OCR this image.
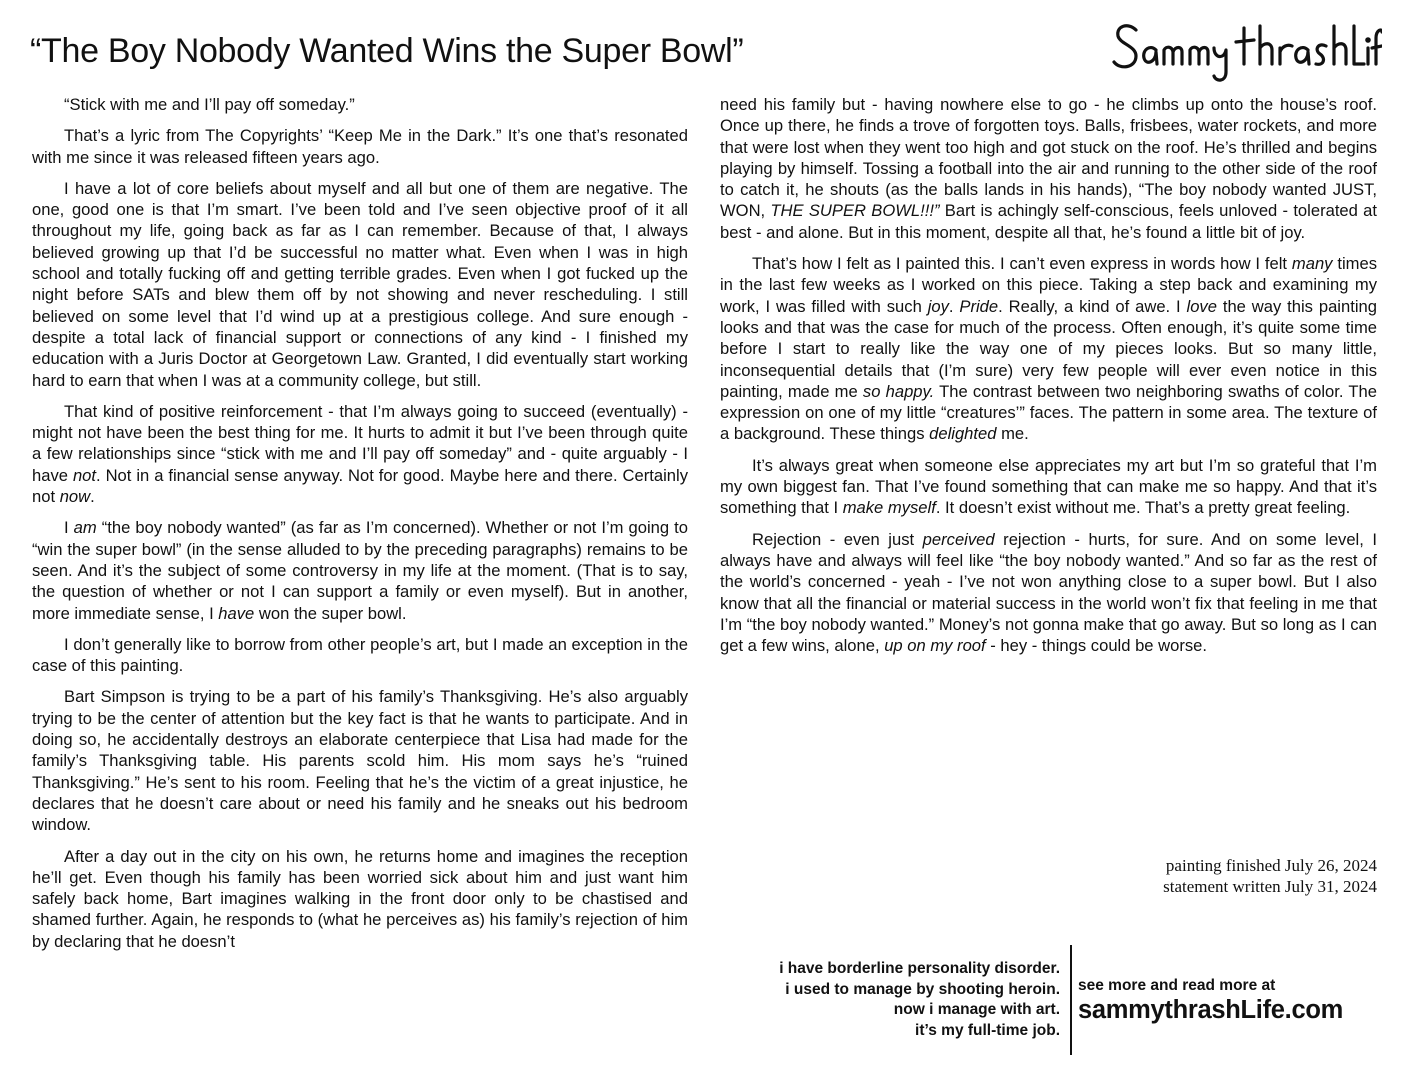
“The Boy Nobody Wanted Wins the Super Bowl”

“Stick with me and I’ll pay off someday.”

That’s a lyric from The Copyrights’ “Keep Me in the Dark.” It’s one that’s resonated with me since it was released fifteen years ago.

I have a lot of core beliefs about myself and all but one of them are negative. The one, good one is that I’m smart. I’ve been told and I’ve seen objective proof of it all throughout my life, going back as far as I can remember. Because of that, I always believed growing up that I’d be successful no matter what. Even when I was in high school and totally fucking off and getting terrible grades. Even when I got fucked up the night before SATs and blew them off by not showing and never rescheduling. I still believed on some level that I’d wind up at a prestigious college. And sure enough - despite a total lack of financial support or connections of any kind - I finished my education with a Juris Doctor at Georgetown Law. Granted, I did eventually start working hard to earn that when I was at a community college, but still.

That kind of positive reinforcement - that I’m always going to succeed (eventually) - might not have been the best thing for me. It hurts to admit it but I’ve been through quite a few relationships since “stick with me and I’ll pay off someday” and - quite arguably - I have not. Not in a financial sense anyway. Not for good. Maybe here and there. Certainly not now.

I am “the boy nobody wanted” (as far as I’m concerned). Whether or not I’m going to “win the super bowl” (in the sense alluded to by the preceding paragraphs) remains to be seen. And it’s the subject of some controversy in my life at the moment. (That is to say, the question of whether or not I can support a family or even myself). But in another, more immediate sense, I have won the super bowl.

I don’t generally like to borrow from other people’s art, but I made an exception in the case of this painting.

Bart Simpson is trying to be a part of his family’s Thanksgiving. He’s also arguably trying to be the center of attention but the key fact is that he wants to participate. And in doing so, he accidentally destroys an elaborate centerpiece that Lisa had made for the family’s Thanksgiving table. His parents scold him. His mom says he’s “ruined Thanksgiving.” He’s sent to his room. Feeling that he’s the victim of a great injustice, he declares that he doesn’t care about or need his family and he sneaks out his bedroom window.

After a day out in the city on his own, he returns home and imagines the reception he’ll get. Even though his family has been worried sick about him and just want him safely back home, Bart imagines walking in the front door only to be chastised and shamed further. Again, he responds to (what he perceives as) his family’s rejection of him by declaring that he doesn’t

need his family but - having nowhere else to go - he climbs up onto the house’s roof. Once up there, he finds a trove of forgotten toys. Balls, frisbees, water rockets, and more that were lost when they went too high and got stuck on the roof. He’s thrilled and begins playing by himself. Tossing a football into the air and running to the other side of the roof to catch it, he shouts (as the balls lands in his hands), “The boy nobody wanted JUST, WON, THE SUPER BOWL!!!” Bart is achingly self-conscious, feels unloved - tolerated at best - and alone. But in this moment, despite all that, he’s found a little bit of joy.

That’s how I felt as I painted this. I can’t even express in words how I felt many times in the last few weeks as I worked on this piece. Taking a step back and examining my work, I was filled with such joy. Pride. Really, a kind of awe. I love the way this painting looks and that was the case for much of the process. Often enough, it’s quite some time before I start to really like the way one of my pieces looks. But so many little, inconsequential details that (I’m sure) very few people will ever even notice in this painting, made me so happy. The contrast between two neighboring swaths of color. The expression on one of my little “creatures’” faces. The pattern in some area. The texture of a background. These things delighted me.

It’s always great when someone else appreciates my art but I’m so grateful that I’m my own biggest fan. That I’ve found something that can make me so happy. And that it’s something that I make myself. It doesn’t exist without me. That’s a pretty great feeling.

Rejection - even just perceived rejection - hurts, for sure. And on some level, I always have and always will feel like “the boy nobody wanted.” And so far as the rest of the world’s concerned - yeah - I’ve not won anything close to a super bowl. But I also know that all the financial or material success in the world won’t fix that feeling in me that I’m “the boy nobody wanted.” Money’s not gonna make that go away. But so long as I can get a few wins, alone, up on my roof - hey - things could be worse.

painting finished July 26, 2024
statement written July 31, 2024
i have borderline personality disorder.
i used to manage by shooting heroin.
now i manage with art.
it’s my full-time job.
see more and read more at
sammythrashLife.com
